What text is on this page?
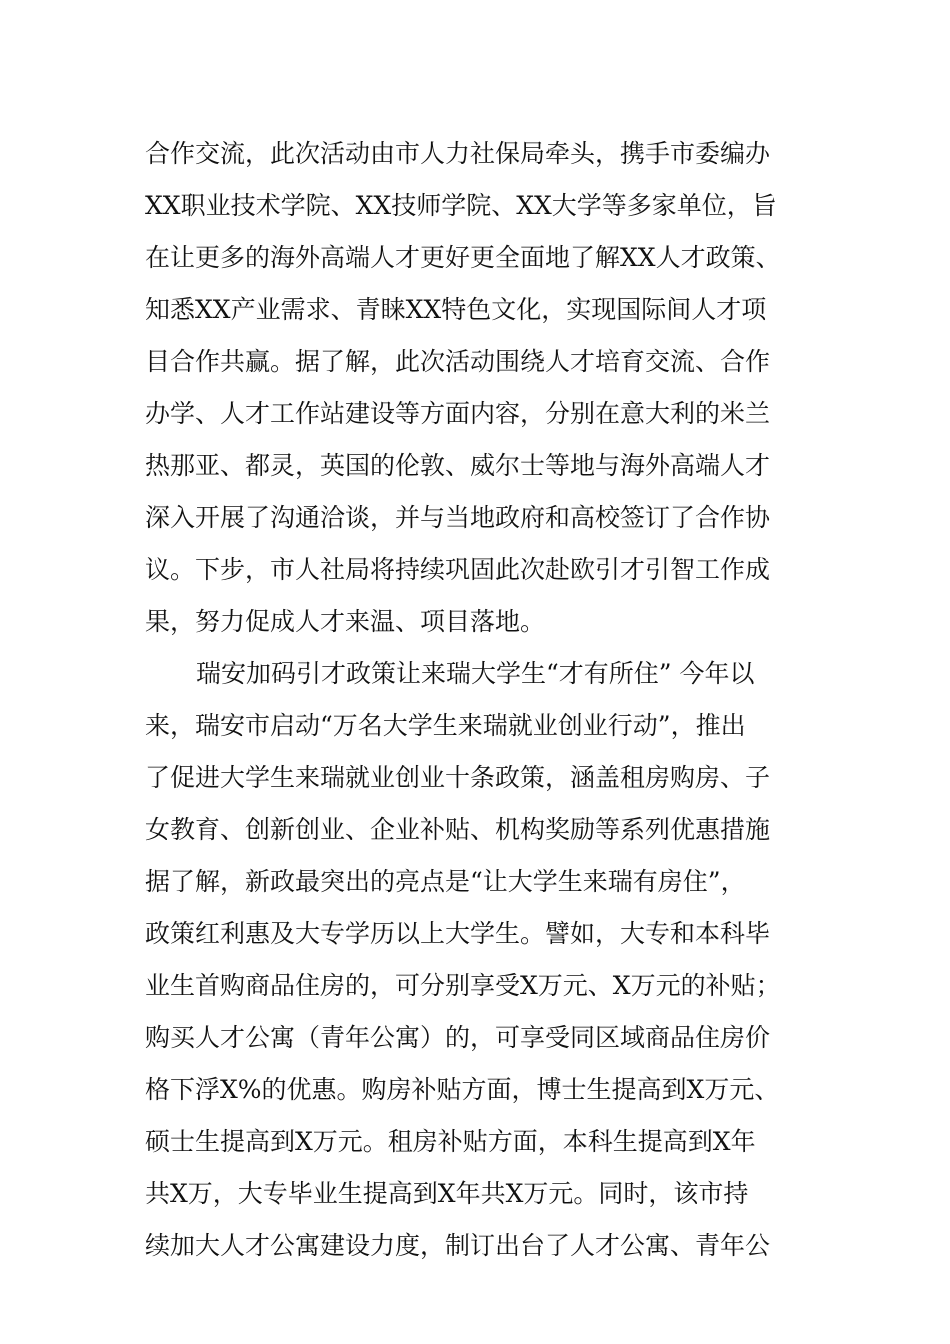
合作交流，此次活动由市人力社保局牵头，携手市委编办
XX职业技术学院、XX技师学院、XX大学等多家单位，旨
在让更多的海外高端人才更好更全面地了解XX人才政策、
知悉XX产业需求、青睐XX特色文化，实现国际间人才项
目合作共赢。据了解，此次活动围绕人才培育交流、合作
办学、人才工作站建设等方面内容，分别在意大利的米兰
热那亚、都灵，英国的伦敦、威尔士等地与海外高端人才
深入开展了沟通洽谈，并与当地政府和高校签订了合作协
议。下步，市人社局将持续巩固此次赴欧引才引智工作成
果，努力促成人才来温、项目落地。
瑞安加码引才政策让来瑞大学生“才有所住” 今年以
来，瑞安市启动“万名大学生来瑞就业创业行动”，推出
了促进大学生来瑞就业创业十条政策，涵盖租房购房、子
女教育、创新创业、企业补贴、机构奖励等系列优惠措施
据了解，新政最突出的亮点是“让大学生来瑞有房住”，
政策红利惠及大专学历以上大学生。譬如，大专和本科毕
业生首购商品住房的，可分别享受X万元、X万元的补贴；
购买人才公寓（青年公寓）的，可享受同区域商品住房价
格下浮X%的优惠。购房补贴方面，博士生提高到X万元、
硕士生提高到X万元。租房补贴方面，本科生提高到X年
共X万，大专毕业生提高到X年共X万元。同时，该市持
续加大人才公寓建设力度，制订出台了人才公寓、青年公
